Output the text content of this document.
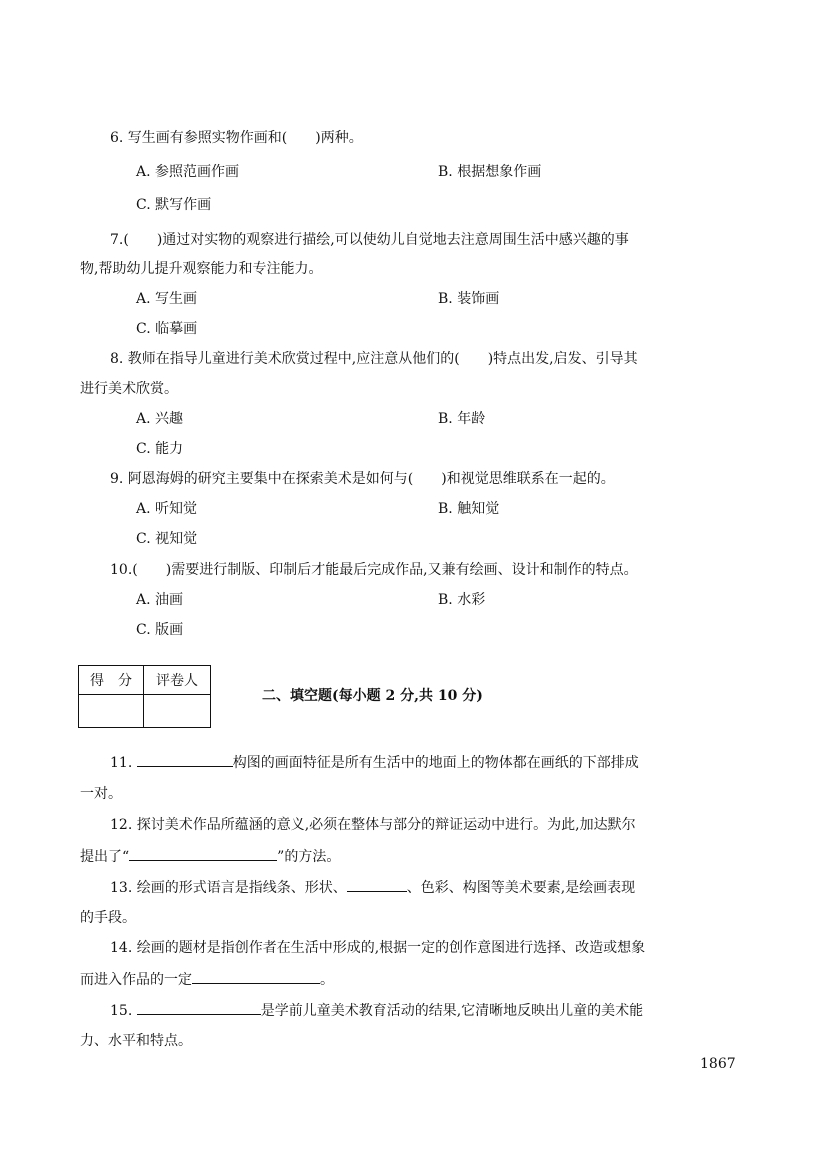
6. 写生画有参照实物作画和(　　)两种。
A. 参照范画作画	B. 根据想象作画
C. 默写作画
7.(　　)通过对实物的观察进行描绘,可以使幼儿自觉地去注意周围生活中感兴趣的事
物,帮助幼儿提升观察能力和专注能力。
A. 写生画	B. 装饰画
C. 临摹画
8. 教师在指导儿童进行美术欣赏过程中,应注意从他们的(　　)特点出发,启发、引导其
进行美术欣赏。
A. 兴趣	B. 年龄
C. 能力
9. 阿恩海姆的研究主要集中在探索美术是如何与(　　)和视觉思维联系在一起的。
A. 听知觉	B. 触知觉
C. 视知觉
10.(　　)需要进行制版、印制后才能最后完成作品,又兼有绘画、设计和制作的特点。
A. 油画	B. 水彩
C. 版画
得　分	评卷人

二、填空题(每小题 2 分,共 10 分)
11.	构图的画面特征是所有生活中的地面上的物体都在画纸的下部排成
一对。
12. 探讨美术作品所蕴涵的意义,必须在整体与部分的辩证运动中进行。为此,加达默尔
提出了“	”的方法。
13. 绘画的形式语言是指线条、形状、	、色彩、构图等美术要素,是绘画表现
的手段。
14. 绘画的题材是指创作者在生活中形成的,根据一定的创作意图进行选择、改造或想象
而进入作品的一定	。
15.	是学前儿童美术教育活动的结果,它清晰地反映出儿童的美术能
力、水平和特点。
1867
